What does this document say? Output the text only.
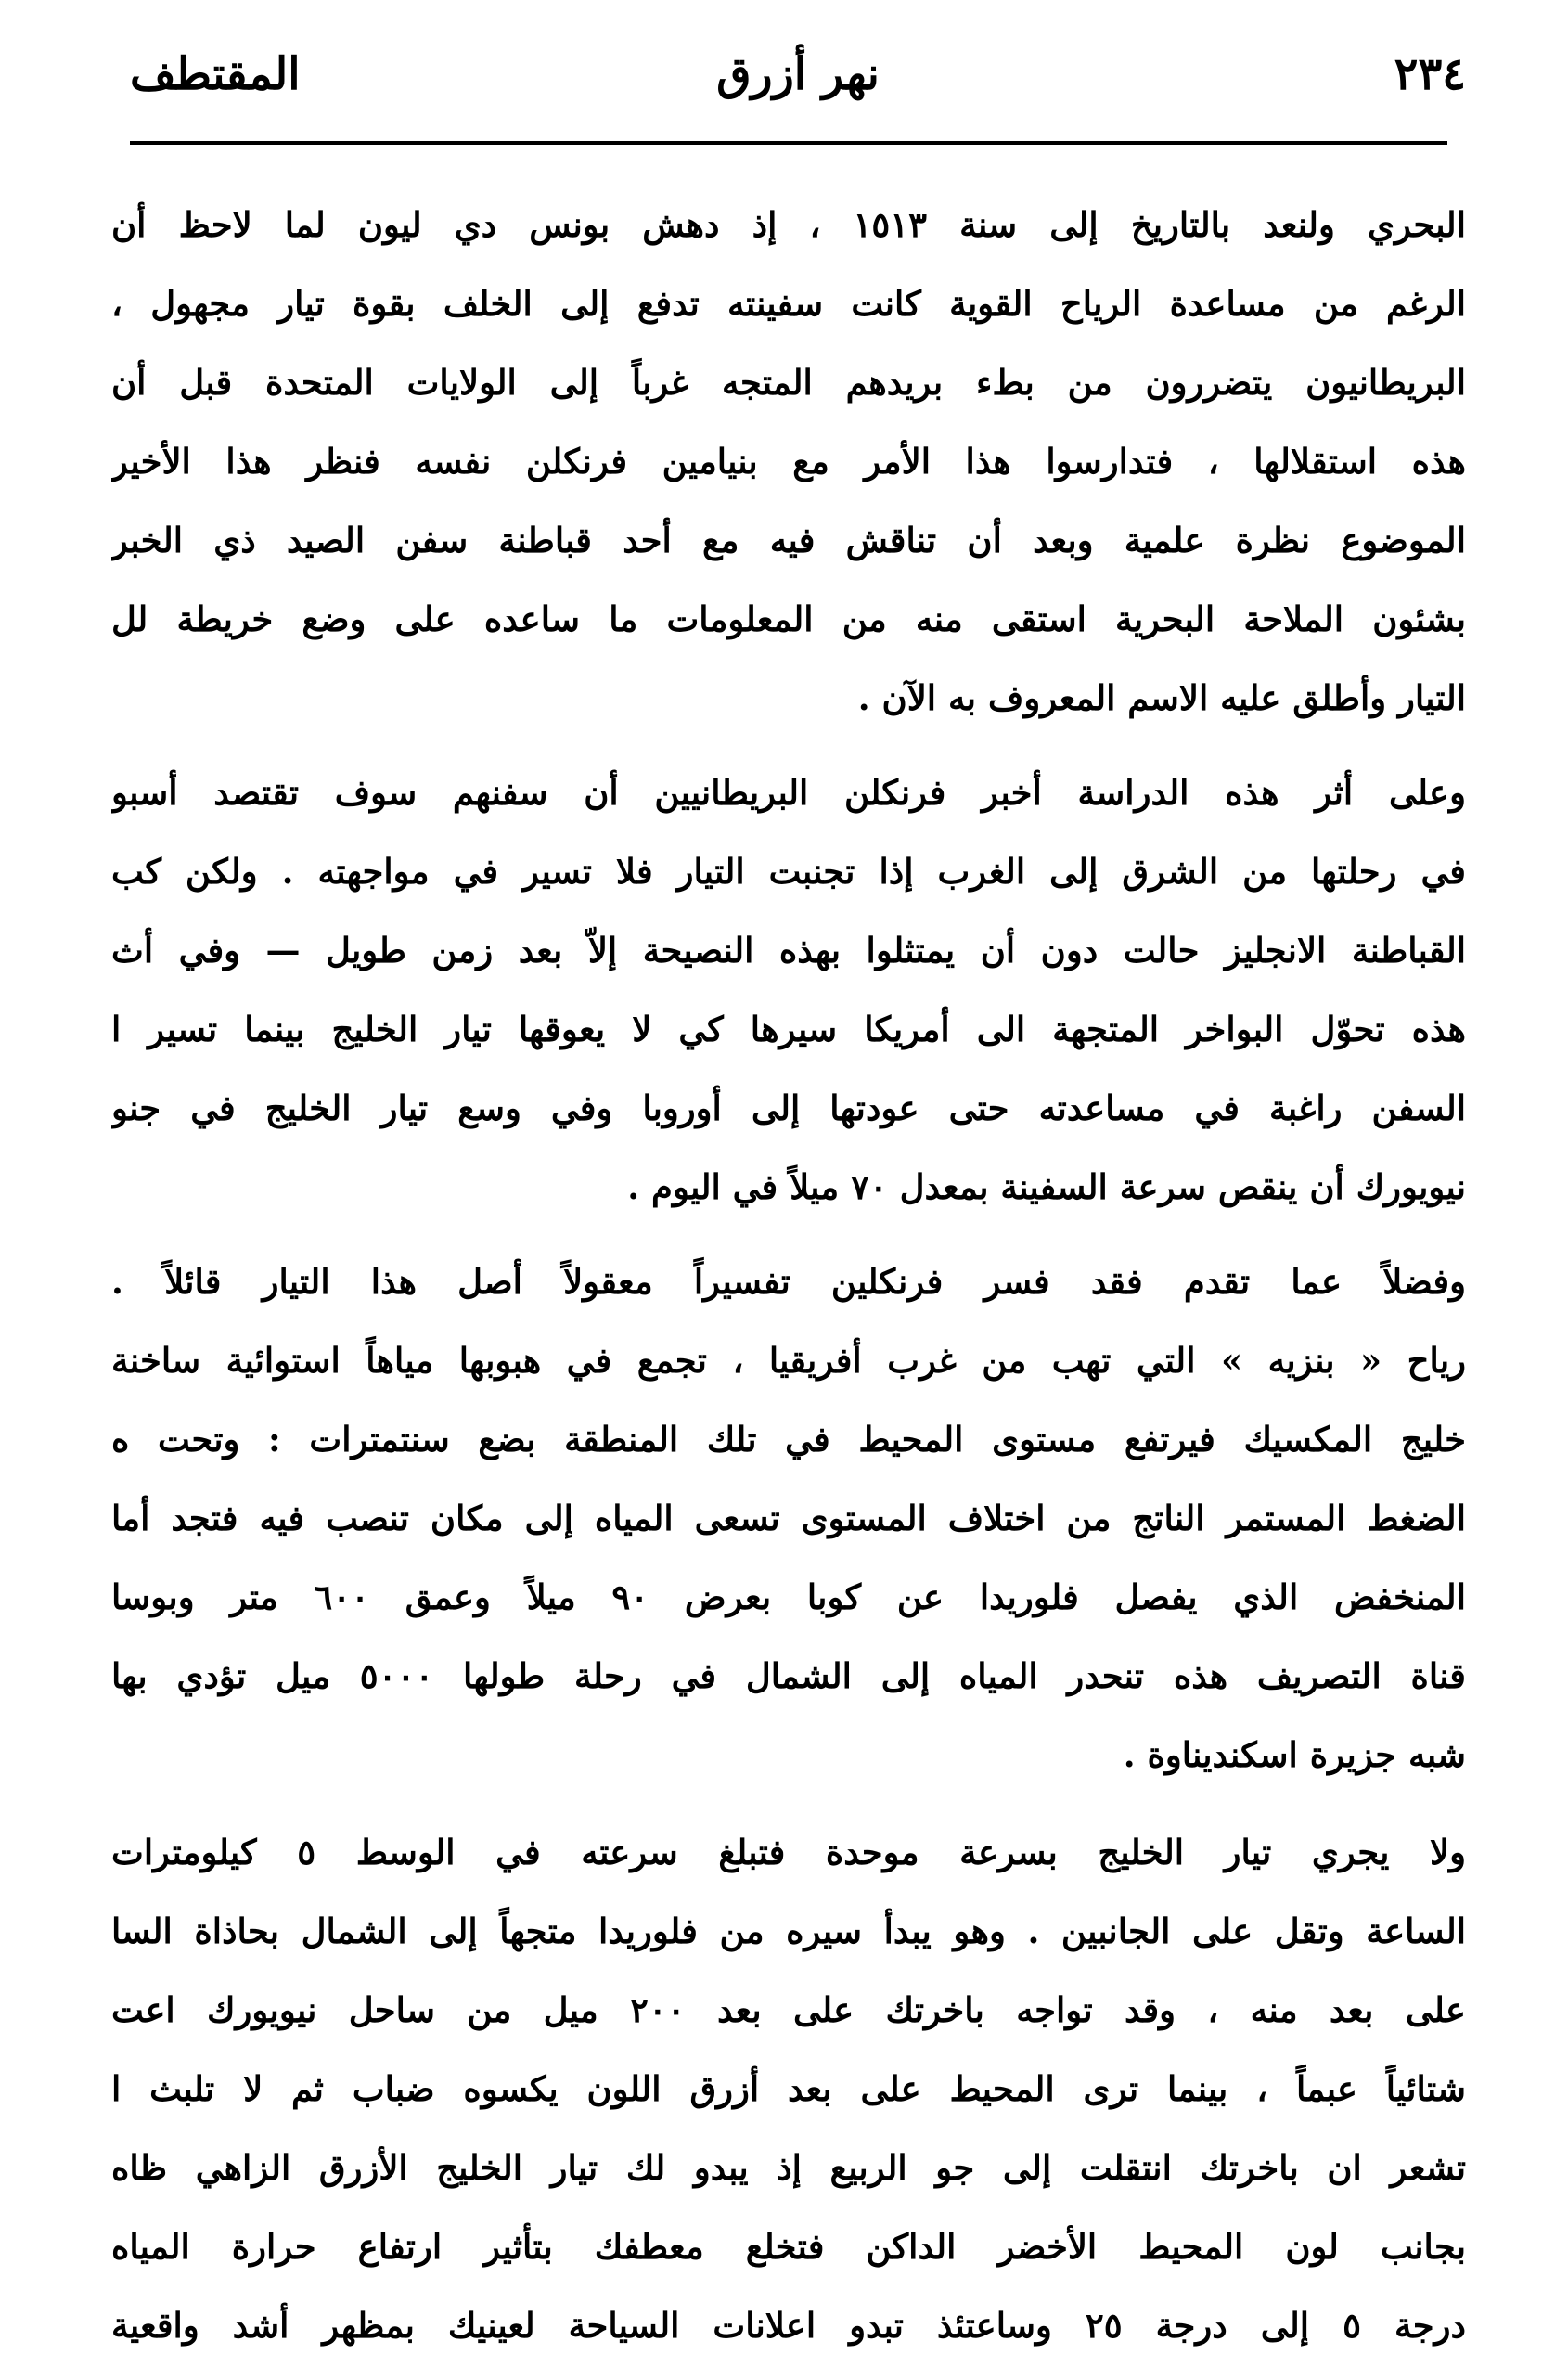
٢٣٤
نهر أزرق
المقتطف
البحري ولنعد بالتاريخ إلى سنة ١٥١٣ ، إذ دهش بونس دي ليون لما لاحظ أن
الرغم من مساعدة الرياح القوية كانت سفينته تدفع إلى الخلف بقوة تيار مجهول ،
البريطانيون يتضررون من بطء بريدهم المتجه غرباً إلى الولايات المتحدة قبل أن
هذه استقلالها ، فتدارسوا هذا الأمر مع بنيامين فرنكلن نفسه فنظر هذا الأخير
الموضوع نظرة علمية وبعد أن تناقش فيه مع أحد قباطنة سفن الصيد ذي الخبر
بشئون الملاحة البحرية استقى منه من المعلومات ما ساعده على وضع خريطة لل
التيار وأطلق عليه الاسم المعروف به الآن .
وعلى أثر هذه الدراسة أخبر فرنكلن البريطانيين أن سفنهم سوف تقتصد أسبو
في رحلتها من الشرق إلى الغرب إذا تجنبت التيار فلا تسير في مواجهته . ولكن كب
القباطنة الانجليز حالت دون أن يمتثلوا بهذه النصيحة إلاّ بعد زمن طويل — وفي أث
هذه تحوّل البواخر المتجهة الى أمريكا سيرها كي لا يعوقها تيار الخليج بينما تسير ا
السفن راغبة في مساعدته حتى عودتها إلى أوروبا وفي وسع تيار الخليج في جنو
نيويورك أن ينقص سرعة السفينة بمعدل ٧٠ ميلاً في اليوم .
وفضلاً عما تقدم فقد فسر فرنكلين تفسيراً معقولاً أصل هذا التيار قائلاً .
رياح « بنزيه » التي تهب من غرب أفريقيا ، تجمع في هبوبها مياهاً استوائية ساخنة
خليج المكسيك فيرتفع مستوى المحيط في تلك المنطقة بضع سنتمترات : وتحت ه
الضغط المستمر الناتج من اختلاف المستوى تسعى المياه إلى مكان تنصب فيه فتجد أما
المنخفض الذي يفصل فلوريدا عن كوبا بعرض ٩٠ ميلاً وعمق ٦٠٠ متر وبوسا
قناة التصريف هذه تنحدر المياه إلى الشمال في رحلة طولها ٥٠٠٠ ميل تؤدي بها
شبه جزيرة اسكنديناوة .
ولا يجري تيار الخليج بسرعة موحدة فتبلغ سرعته في الوسط ٥ كيلومترات
الساعة وتقل على الجانبين . وهو يبدأ سيره من فلوريدا متجهاً إلى الشمال بحاذاة السا
على بعد منه ، وقد تواجه باخرتك على بعد ٢٠٠ ميل من ساحل نيويورك اعت
شتائياً عبماً ، بينما ترى المحيط على بعد أزرق اللون يكسوه ضباب ثم لا تلبث ا
تشعر ان باخرتك انتقلت إلى جو الربيع إذ يبدو لك تيار الخليج الأزرق الزاهي ظاه
بجانب لون المحيط الأخضر الداكن فتخلع معطفك بتأثير ارتفاع حرارة المياه
درجة ٥ إلى درجة ٢٥ وساعتئذ تبدو اعلانات السياحة لعينيك بمظهر أشد واقعية
